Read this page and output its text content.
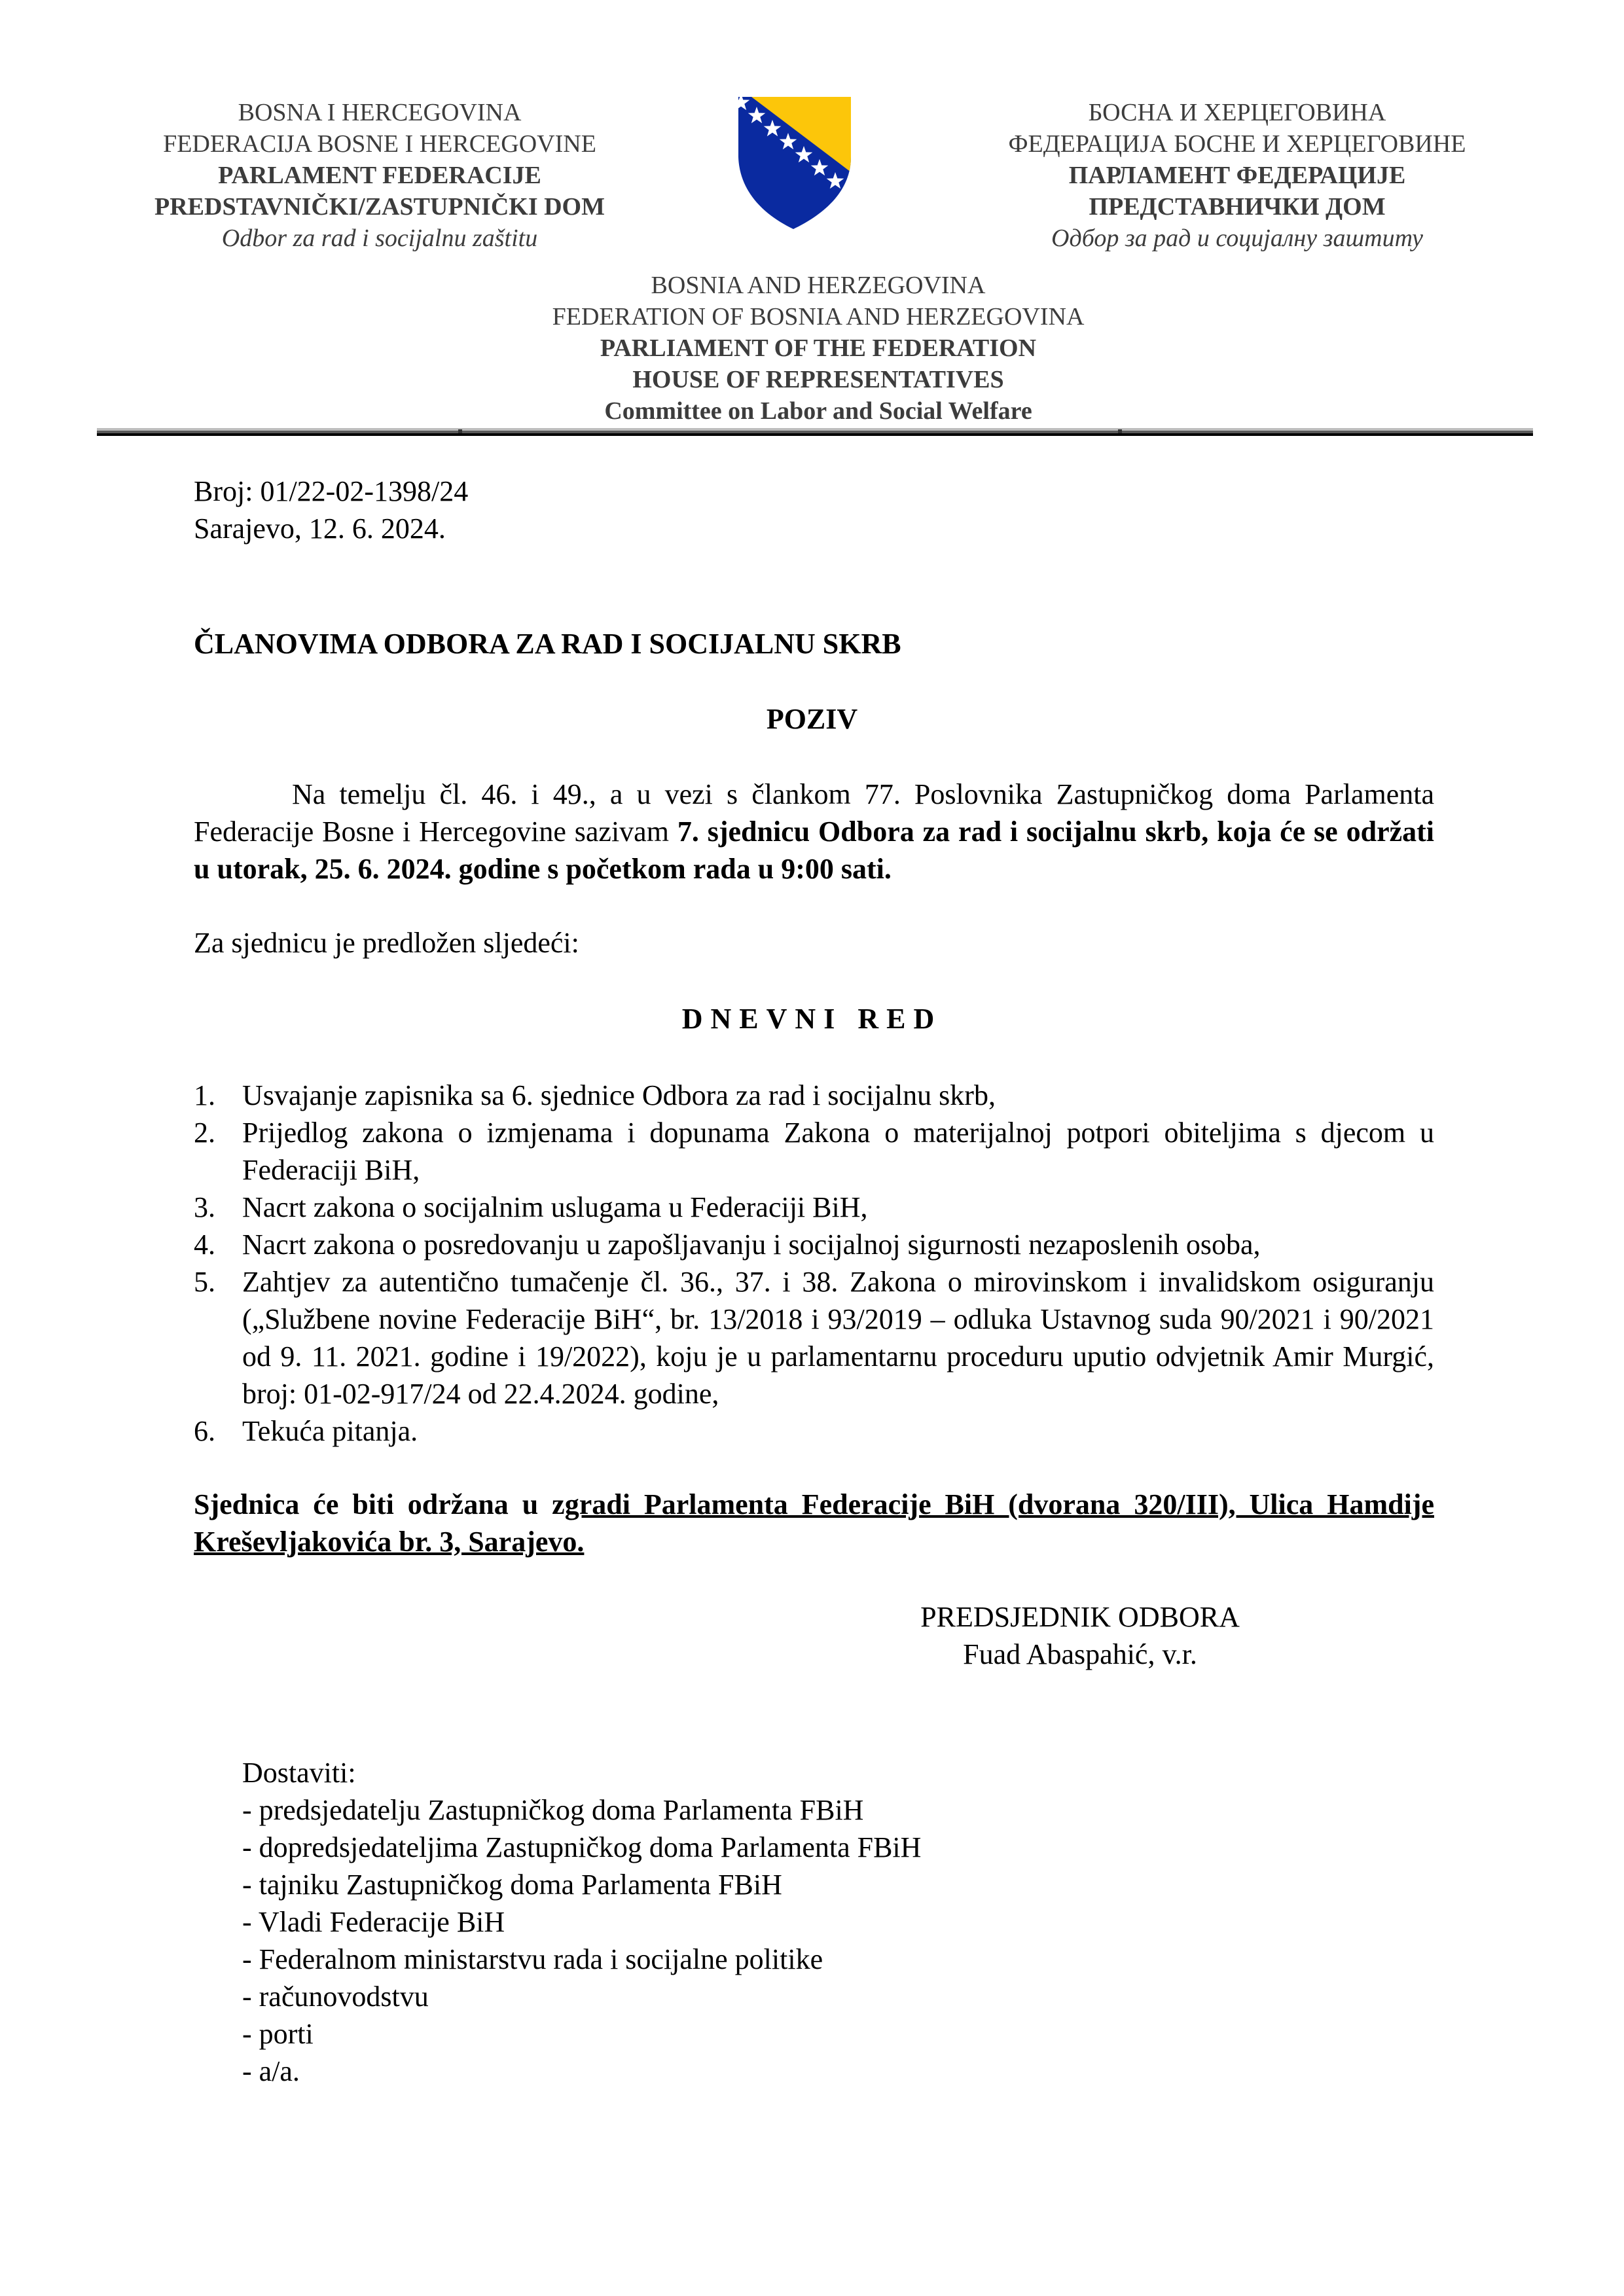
BOSNA I HERCEGOVINA
FEDERACIJA BOSNE I HERCEGOVINE
PARLAMENT FEDERACIJE
PREDSTAVNIČKI/ZASTUPNIČKI DOM
Odbor za rad i socijalnu zaštitu
БОСНА И ХЕРЦЕГОВИНА
ФЕДЕРАЦИЈА БОСНЕ И ХЕРЦЕГОВИНЕ
ПАРЛАМЕНТ ФЕДЕРАЦИЈЕ
ПРЕДСТАВНИЧКИ ДОМ
Одбор за рад и социјалну заштиту
BOSNIA AND HERZEGOVINA
FEDERATION OF BOSNIA AND HERZEGOVINA
PARLIAMENT OF THE FEDERATION
HOUSE OF REPRESENTATIVES
Committee on Labor and Social Welfare
Broj: 01/22-02-1398/24
Sarajevo, 12. 6. 2024.
ČLANOVIMA ODBORA ZA RAD I SOCIJALNU SKRB
POZIV
Na temelju čl. 46. i 49., a u vezi s člankom 77. Poslovnika Zastupničkog doma Parlamenta Federacije Bosne i Hercegovine sazivam 7. sjednicu Odbora za rad i socijalnu skrb, koja će se održati u utorak, 25. 6. 2024. godine s početkom rada u 9:00 sati.
Za sjednicu je predložen sljedeći:
DNEVNI RED
1. Usvajanje zapisnika sa 6. sjednice Odbora za rad i socijalnu skrb,
2. Prijedlog zakona o izmjenama i dopunama Zakona o materijalnoj potpori obiteljima s djecom u Federaciji BiH,
3. Nacrt zakona o socijalnim uslugama u Federaciji BiH,
4. Nacrt zakona o posredovanju u zapošljavanju i socijalnoj sigurnosti nezaposlenih osoba,
5. Zahtjev za autentično tumačenje čl. 36., 37. i 38. Zakona o mirovinskom i invalidskom osiguranju („Službene novine Federacije BiH“, br. 13/2018 i 93/2019 – odluka Ustavnog suda 90/2021 i 90/2021 od 9. 11. 2021. godine i 19/2022), koju je u parlamentarnu proceduru uputio odvjetnik Amir Murgić, broj: 01-02-917/24 od 22.4.2024. godine,
6. Tekuća pitanja.
Sjednica će biti održana u zgradi Parlamenta Federacije BiH (dvorana 320/III), Ulica Hamdije Kreševljakovića br. 3, Sarajevo.
PREDSJEDNIK ODBORA
Fuad Abaspahić, v.r.
Dostaviti:
- predsjedatelju Zastupničkog doma Parlamenta FBiH
- dopredsjedateljima Zastupničkog doma Parlamenta FBiH
- tajniku Zastupničkog doma Parlamenta FBiH
- Vladi Federacije BiH
- Federalnom ministarstvu rada i socijalne politike
- računovodstvu
- porti
- a/a.
